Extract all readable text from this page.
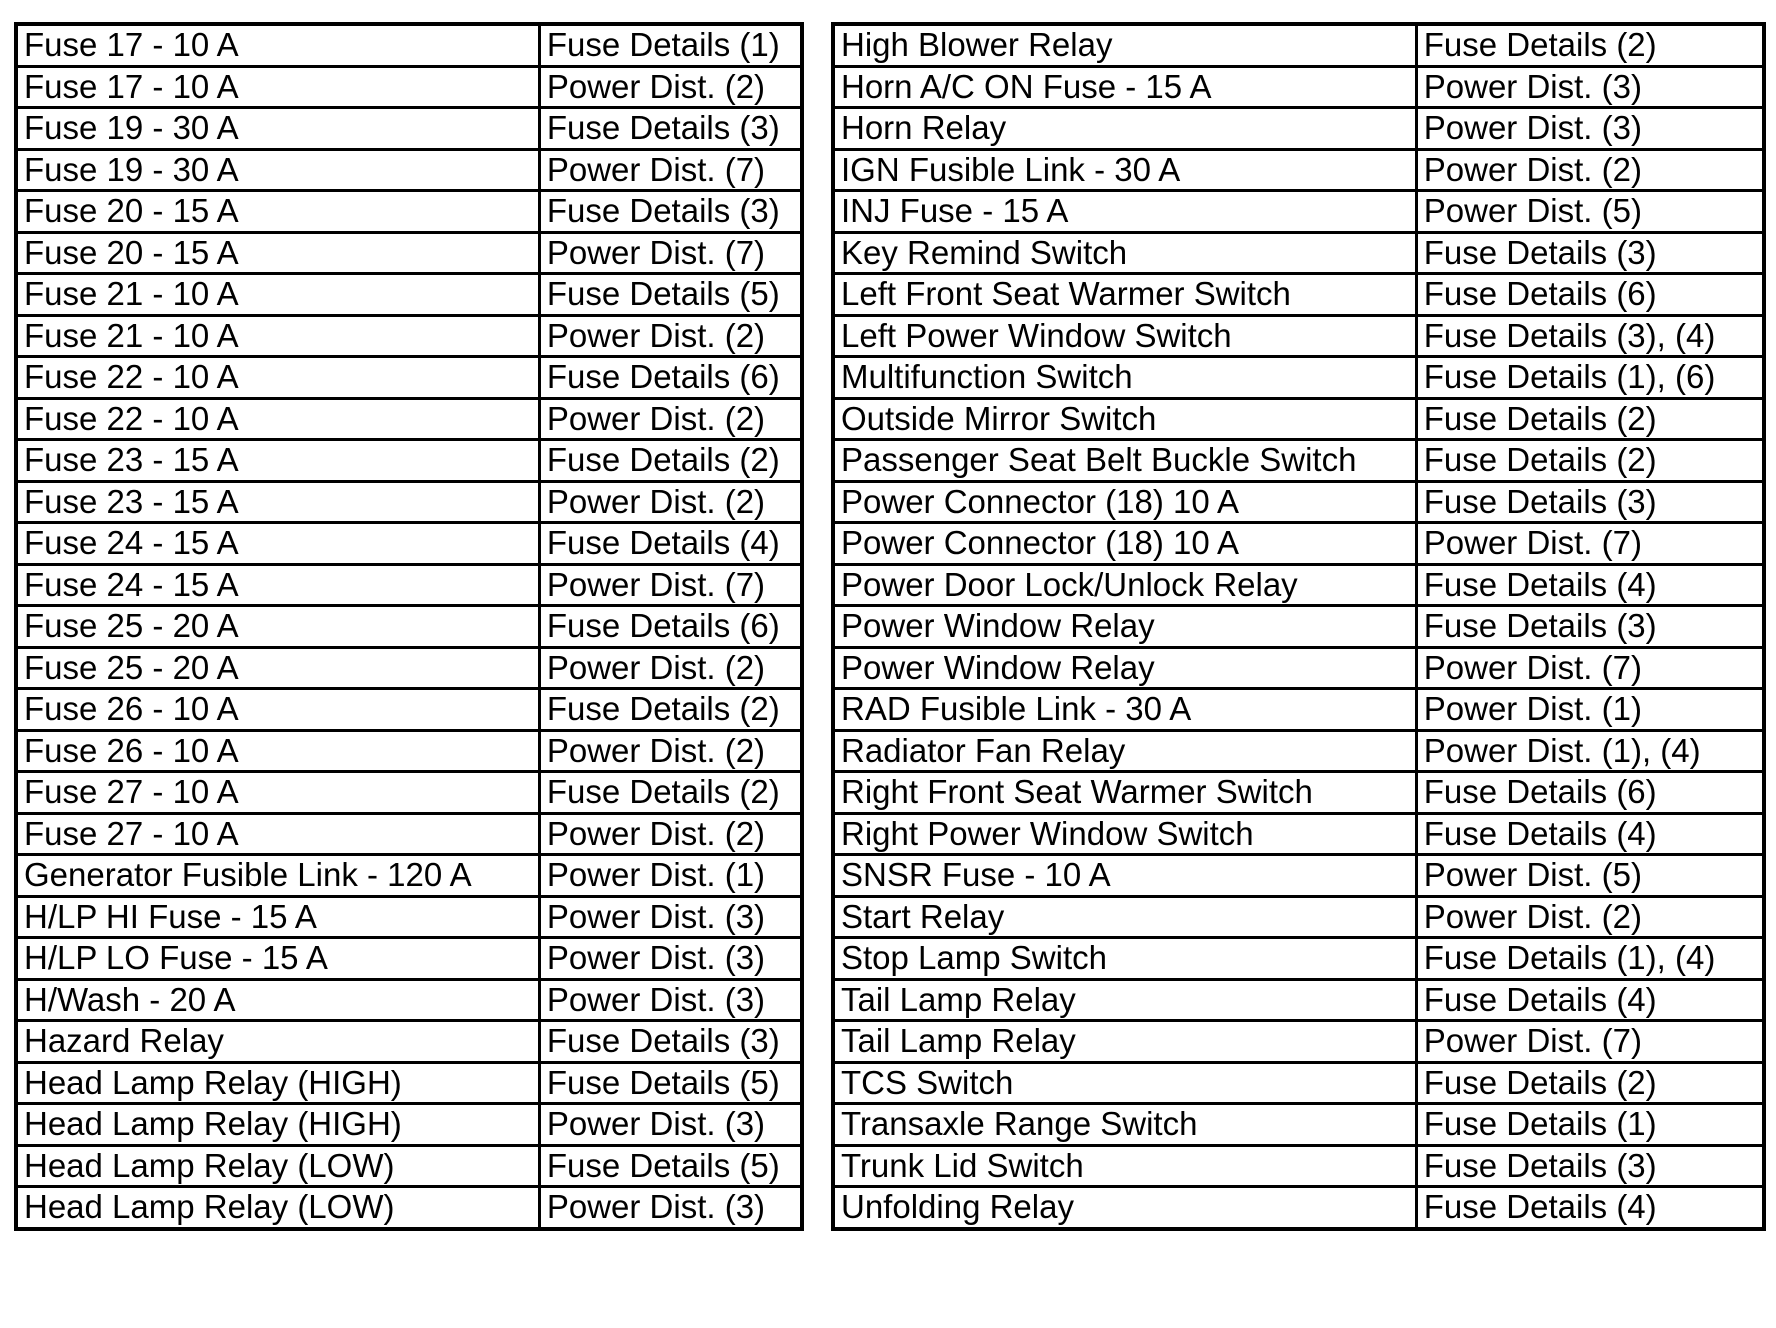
Fuse 17 - 10 A	Fuse Details (1)
Fuse 17 - 10 A	Power Dist. (2)
Fuse 19 - 30 A	Fuse Details (3)
Fuse 19 - 30 A	Power Dist. (7)
Fuse 20 - 15 A	Fuse Details (3)
Fuse 20 - 15 A	Power Dist. (7)
Fuse 21 - 10 A	Fuse Details (5)
Fuse 21 - 10 A	Power Dist. (2)
Fuse 22 - 10 A	Fuse Details (6)
Fuse 22 - 10 A	Power Dist. (2)
Fuse 23 - 15 A	Fuse Details (2)
Fuse 23 - 15 A	Power Dist. (2)
Fuse 24 - 15 A	Fuse Details (4)
Fuse 24 - 15 A	Power Dist. (7)
Fuse 25 - 20 A	Fuse Details (6)
Fuse 25 - 20 A	Power Dist. (2)
Fuse 26 - 10 A	Fuse Details (2)
Fuse 26 - 10 A	Power Dist. (2)
Fuse 27 - 10 A	Fuse Details (2)
Fuse 27 - 10 A	Power Dist. (2)
Generator Fusible Link - 120 A	Power Dist. (1)
H/LP HI Fuse - 15 A	Power Dist. (3)
H/LP LO Fuse - 15 A	Power Dist. (3)
H/Wash - 20 A	Power Dist. (3)
Hazard Relay	Fuse Details (3)
Head Lamp Relay (HIGH)	Fuse Details (5)
Head Lamp Relay (HIGH)	Power Dist. (3)
Head Lamp Relay (LOW)	Fuse Details (5)
Head Lamp Relay (LOW)	Power Dist. (3)
High Blower Relay	Fuse Details (2)
Horn A/C ON Fuse - 15 A	Power Dist. (3)
Horn Relay	Power Dist. (3)
IGN Fusible Link - 30 A	Power Dist. (2)
INJ Fuse - 15 A	Power Dist. (5)
Key Remind Switch	Fuse Details (3)
Left Front Seat Warmer Switch	Fuse Details (6)
Left Power Window Switch	Fuse Details (3), (4)
Multifunction Switch	Fuse Details (1), (6)
Outside Mirror Switch	Fuse Details (2)
Passenger Seat Belt Buckle Switch	Fuse Details (2)
Power Connector (18) 10 A	Fuse Details (3)
Power Connector (18) 10 A	Power Dist. (7)
Power Door Lock/Unlock Relay	Fuse Details (4)
Power Window Relay	Fuse Details (3)
Power Window Relay	Power Dist. (7)
RAD Fusible Link - 30 A	Power Dist. (1)
Radiator Fan Relay	Power Dist. (1), (4)
Right Front Seat Warmer Switch	Fuse Details (6)
Right Power Window Switch	Fuse Details (4)
SNSR Fuse - 10 A	Power Dist. (5)
Start Relay	Power Dist. (2)
Stop Lamp Switch	Fuse Details (1), (4)
Tail Lamp Relay	Fuse Details (4)
Tail Lamp Relay	Power Dist. (7)
TCS Switch	Fuse Details (2)
Transaxle Range Switch	Fuse Details (1)
Trunk Lid Switch	Fuse Details (3)
Unfolding Relay	Fuse Details (4)
